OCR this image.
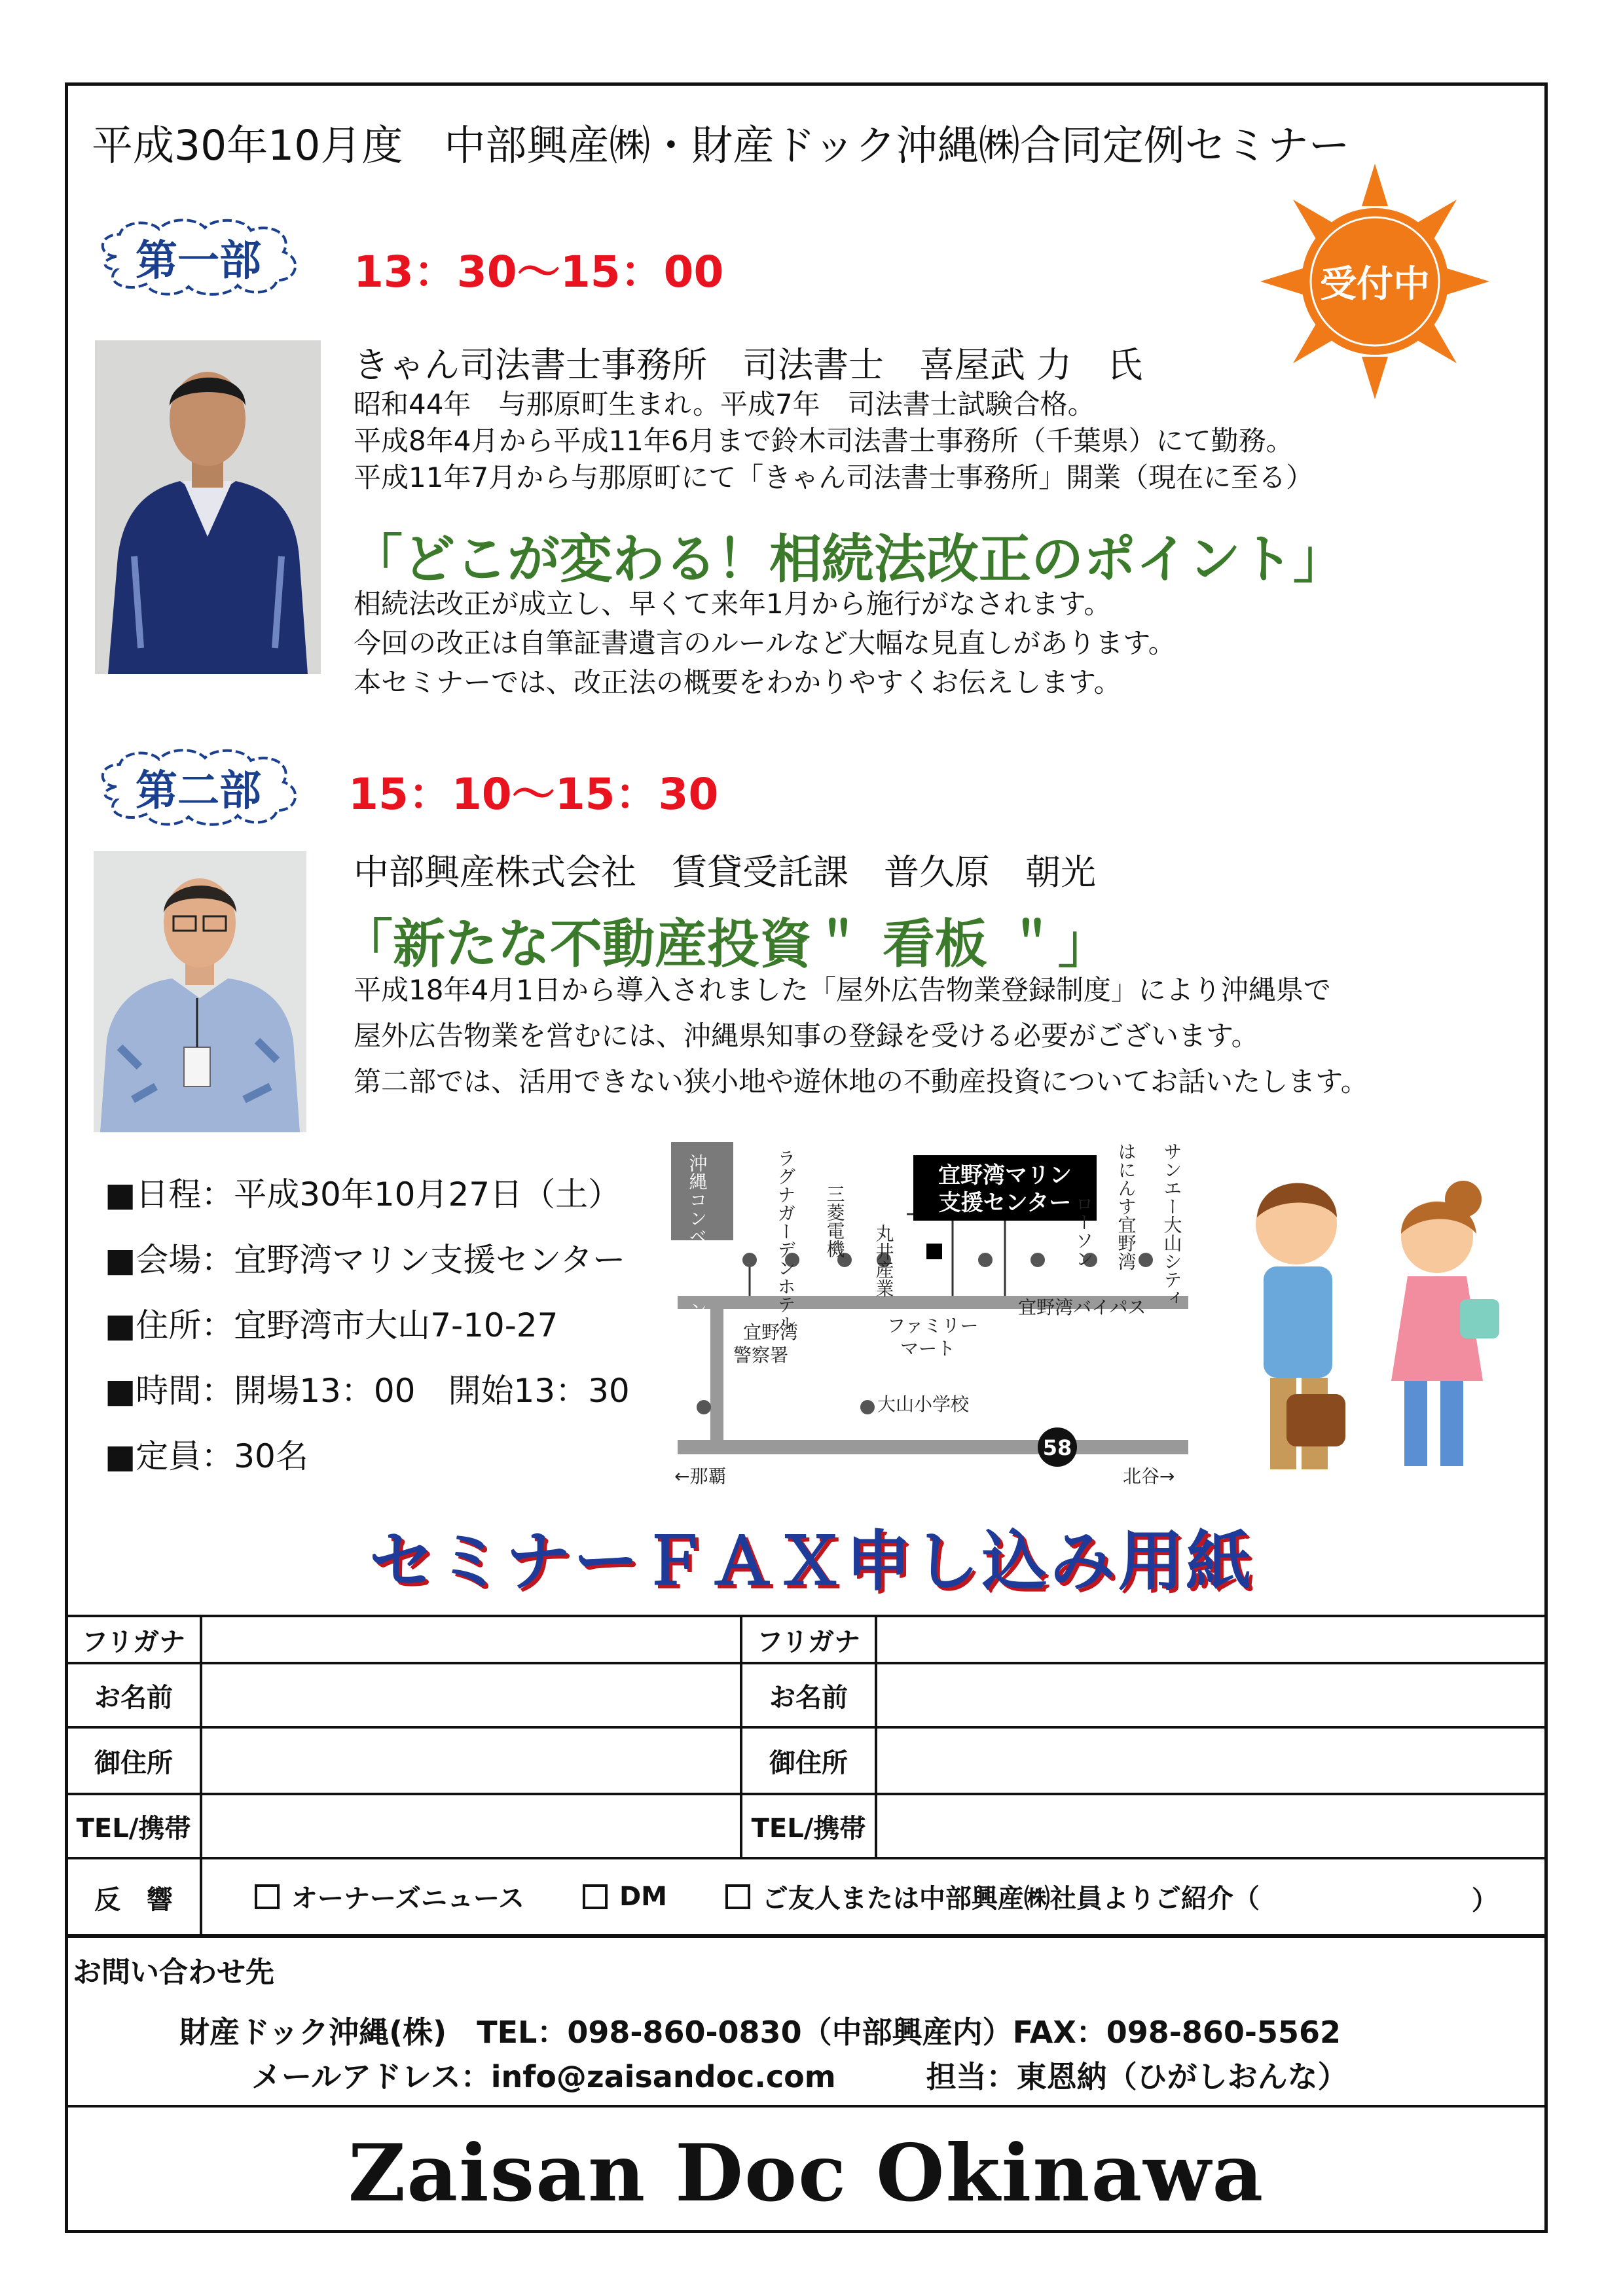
平成30年10月度　中部興産㈱・財産ドック沖縄㈱合同定例セミナー
第一部	13：30～15：00	受付中
きゃん司法書士事務所　司法書士　喜屋武 力　氏
昭和44年　与那原町生まれ。平成7年　司法書士試験合格。
平成8年4月から平成11年6月まで鈴木司法書士事務所（千葉県）にて勤務。
平成11年7月から与那原町にて「きゃん司法書士事務所」開業（現在に至る）
「どこが変わる！相続法改正のポイント」
相続法改正が成立し、早くて来年1月から施行がなされます。
今回の改正は自筆証書遺言のルールなど大幅な見直しがあります。
本セミナーでは、改正法の概要をわかりやすくお伝えします。
第二部	15：10～15：30
中部興産株式会社　賃貸受託課　普久原　朝光
「新たな不動産投資＂ 看板 ＂」
平成18年4月1日から導入されました「屋外広告物業登録制度」により沖縄県で
屋外広告物業を営むには、沖縄県知事の登録を受ける必要がございます。
第二部では、活用できない狭小地や遊休地の不動産投資についてお話いたします。
■日程：平成30年10月27日（土）
■会場：宜野湾マリン支援センター
■住所：宜野湾市大山7-10-27
■時間：開場13：00　開始13：30
■定員：30名
宜野湾マリン
支援センター
沖縄コンベンションセンター	ラグナガーデンホテル 三菱電機
丸井産業	ローソン はにんす宜野湾 サンエー大山シティ
ファミリー
マート
宜野湾バイパス
宜野湾
警察署
大山小学校
←那覇	北谷→
58
セミナーＦＡＸ申し込み用紙
フリガナ		フリガナ	
お名前		お名前	
御住所		御住所	
TEL/携帯		TEL/携帯	
反　響	オーナーズニュース
DM
ご友人または中部興産㈱社員よりご紹介（ ）		
お問い合わせ先
財産ドック沖縄(株)　TEL：098-860-0830（中部興産内）FAX：098-860-5562
メールアドレス：info@zaisandoc.com　　　担当：東恩納（ひがしおんな）
Zaisan Doc Okinawa
